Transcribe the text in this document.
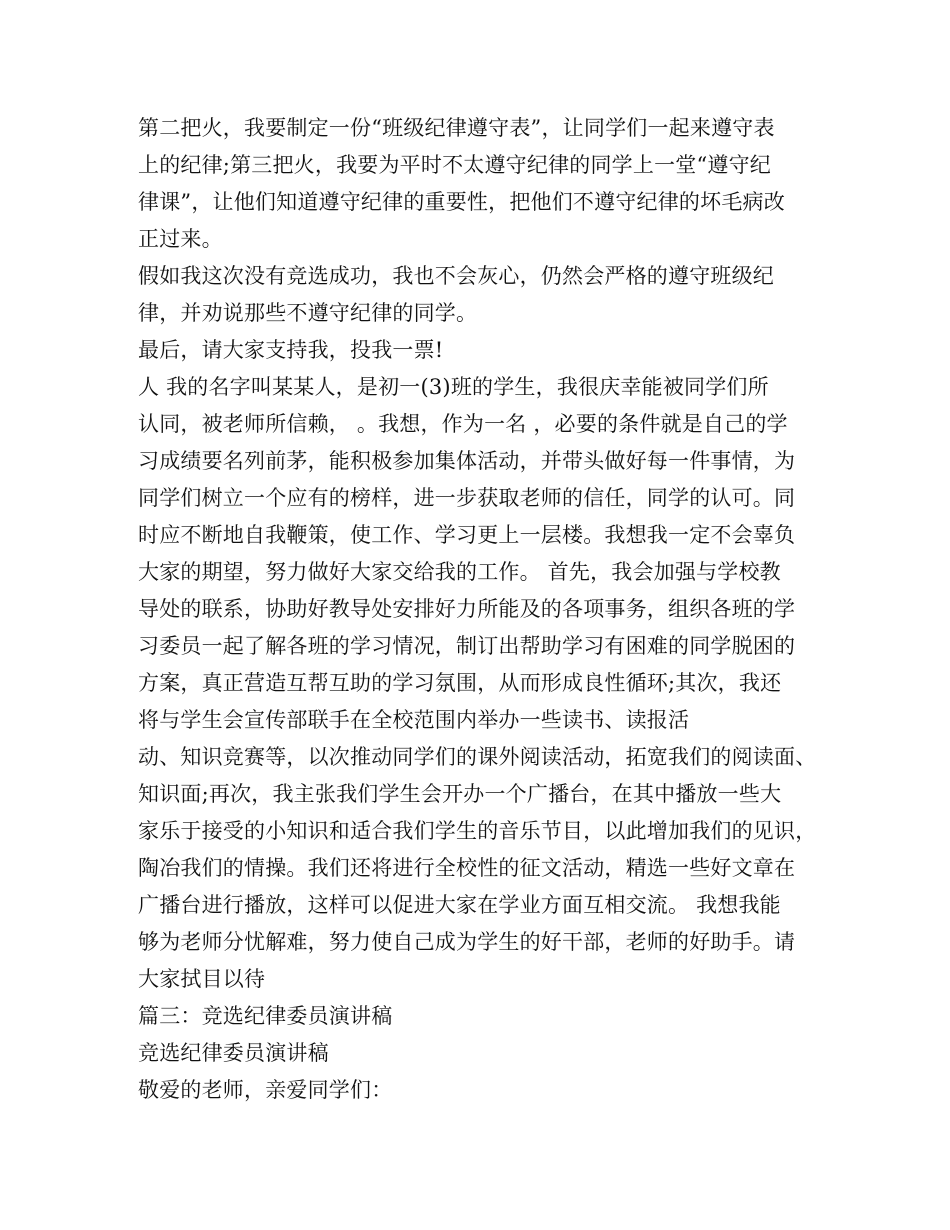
第二把火，我要制定一份“班级纪律遵守表”，让同学们一起来遵守表
上的纪律;第三把火，我要为平时不太遵守纪律的同学上一堂“遵守纪
律课”，让他们知道遵守纪律的重要性，把他们不遵守纪律的坏毛病改
正过来。
假如我这次没有竞选成功，我也不会灰心，仍然会严格的遵守班级纪
律，并劝说那些不遵守纪律的同学。
最后，请大家支持我，投我一票!
人 我的名字叫某某人，是初一(3)班的学生，我很庆幸能被同学们所
认同，被老师所信赖， 。我想，作为一名 ，必要的条件就是自己的学
习成绩要名列前茅，能积极参加集体活动，并带头做好每一件事情，为
同学们树立一个应有的榜样，进一步获取老师的信任，同学的认可。同
时应不断地自我鞭策，使工作、学习更上一层楼。我想我一定不会辜负
大家的期望，努力做好大家交给我的工作。 首先，我会加强与学校教
导处的联系，协助好教导处安排好力所能及的各项事务，组织各班的学
习委员一起了解各班的学习情况，制订出帮助学习有困难的同学脱困的
方案，真正营造互帮互助的学习氛围，从而形成良性循环;其次，我还
将与学生会宣传部联手在全校范围内举办一些读书、读报活
动、知识竞赛等，以次推动同学们的课外阅读活动，拓宽我们的阅读面、
知识面;再次，我主张我们学生会开办一个广播台，在其中播放一些大
家乐于接受的小知识和适合我们学生的音乐节目，以此增加我们的见识，
陶冶我们的情操。我们还将进行全校性的征文活动，精选一些好文章在
广播台进行播放，这样可以促进大家在学业方面互相交流。 我想我能
够为老师分忧解难，努力使自己成为学生的好干部，老师的好助手。请
大家拭目以待
篇三：竞选纪律委员演讲稿
竞选纪律委员演讲稿
敬爱的老师，亲爱同学们：
